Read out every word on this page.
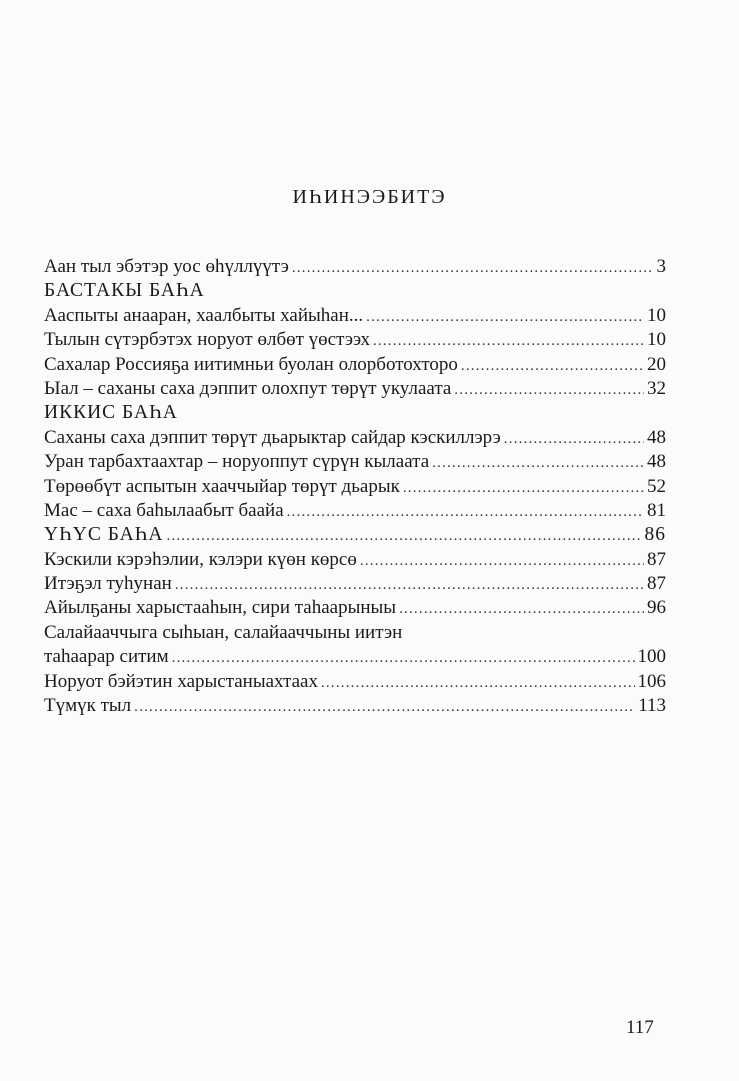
ИҺИНЭЭБИТЭ
Аан тыл эбэтэр уос өһүллүүтэ .....	3
БАСТАКЫ БАҺА
Ааспыты анааран, хаалбыты хайыһан... .....	10
Тылын сүтэрбэтэх норуот өлбөт үөстээх .....	10
Сахалар Россияҕа иитимньи буолан олорботохторо .....	20
Ыал – саханы саха дэппит олохпут төрүт укулаата .....	32
ИККИС БАҺА
Саханы саха дэппит төрүт дьарыктар сайдар кэскиллэрэ .....	48
Уран тарбахтаахтар – норуоппут сүрүн кылаата .....	48
Төрөөбүт аспытын хааччыйар төрүт дьарык .....	52
Мас – саха баһылаабыт баайа .....	81
ҮҺҮС БАҺА .....	86
Кэскили кэрэһэлии, кэлэри күөн көрсө .....	87
Итэҕэл туһунан .....	87
Айылҕаны харыстааһын, сири таһаарыныы .....	96
Салайааччыга сыһыан, салайааччыны иитэн
таһаарар ситим .....	100
Норуот бэйэтин харыстаныахтаах .....	106
Түмүк тыл .....	113
117
